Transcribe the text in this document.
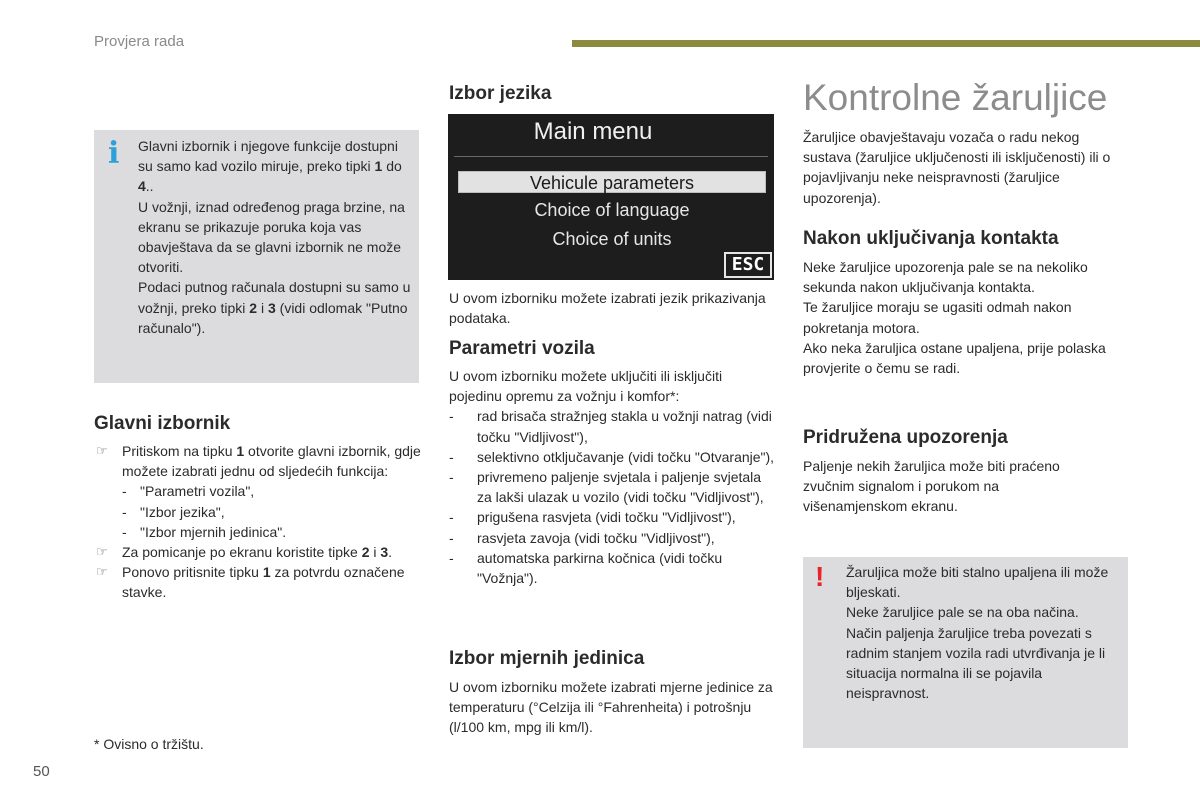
Provjera rada
i Glavni izbornik i njegove funkcije dostupni su samo kad vozilo miruje, preko tipki 1 do 4..

U vožnji, iznad određenog praga brzine, na ekranu se prikazuje poruka koja vas obavještava da se glavni izbornik ne može otvoriti.

Podaci putnog računala dostupni su samo u vožnji, preko tipki 2 i 3 (vidi odlomak "Putno računalo").

Glavni izbornik
☞ Pritiskom na tipku 1 otvorite glavni izbornik, gdje možete izabrati jednu od sljedećih funkcija:
- "Parametri vozila",
- "Izbor jezika",
- "Izbor mjernih jedinica".
☞ Za pomicanje po ekranu koristite tipke 2 i 3.
☞ Ponovo pritisnite tipku 1 za potvrdu označene stavke.
* Ovisno o tržištu.
50
Izbor jezika
Main menu
Vehicule parameters
Choice of language
Choice of units
ESC

U ovom izborniku možete izabrati jezik prikazivanja podataka.

Parametri vozila

U ovom izborniku možete uključiti ili isključiti pojedinu opremu za vožnju i komfor*:

- rad brisača stražnjeg stakla u vožnji natrag (vidi točku "Vidljivost"),
- selektivno otključavanje (vidi točku "Otvaranje"),
- privremeno paljenje svjetala i paljenje svjetala za lakši ulazak u vozilo (vidi točku "Vidljivost"),
- prigušena rasvjeta (vidi točku "Vidljivost"),
- rasvjeta zavoja (vidi točku "Vidljivost"),
- automatska parkirna kočnica (vidi točku "Vožnja").
Izbor mjernih jedinica

U ovom izborniku možete izabrati mjerne jedinice za temperaturu (°Celzija ili °Fahrenheita) i potrošnju (l/100 km, mpg ili km/l).

Kontrolne žaruljice

Žaruljice obavještavaju vozača o radu nekog sustava (žaruljice uključenosti ili isključenosti) ili o pojavljivanju neke neispravnosti (žaruljice upozorenja).

Nakon uključivanja kontakta

Neke žaruljice upozorenja pale se na nekoliko sekunda nakon uključivanja kontakta.

Te žaruljice moraju se ugasiti odmah nakon pokretanja motora.

Ako neka žaruljica ostane upaljena, prije polaska provjerite o čemu se radi.

Pridružena upozorenja

Paljenje nekih žaruljica može biti praćeno zvučnim signalom i porukom na višenamjenskom ekranu.

! Žaruljica može biti stalno upaljena ili može bljeskati.

Neke žaruljice pale se na oba načina.

Način paljenja žaruljice treba povezati s radnim stanjem vozila radi utvrđivanja je li situacija normalna ili se pojavila neispravnost.
